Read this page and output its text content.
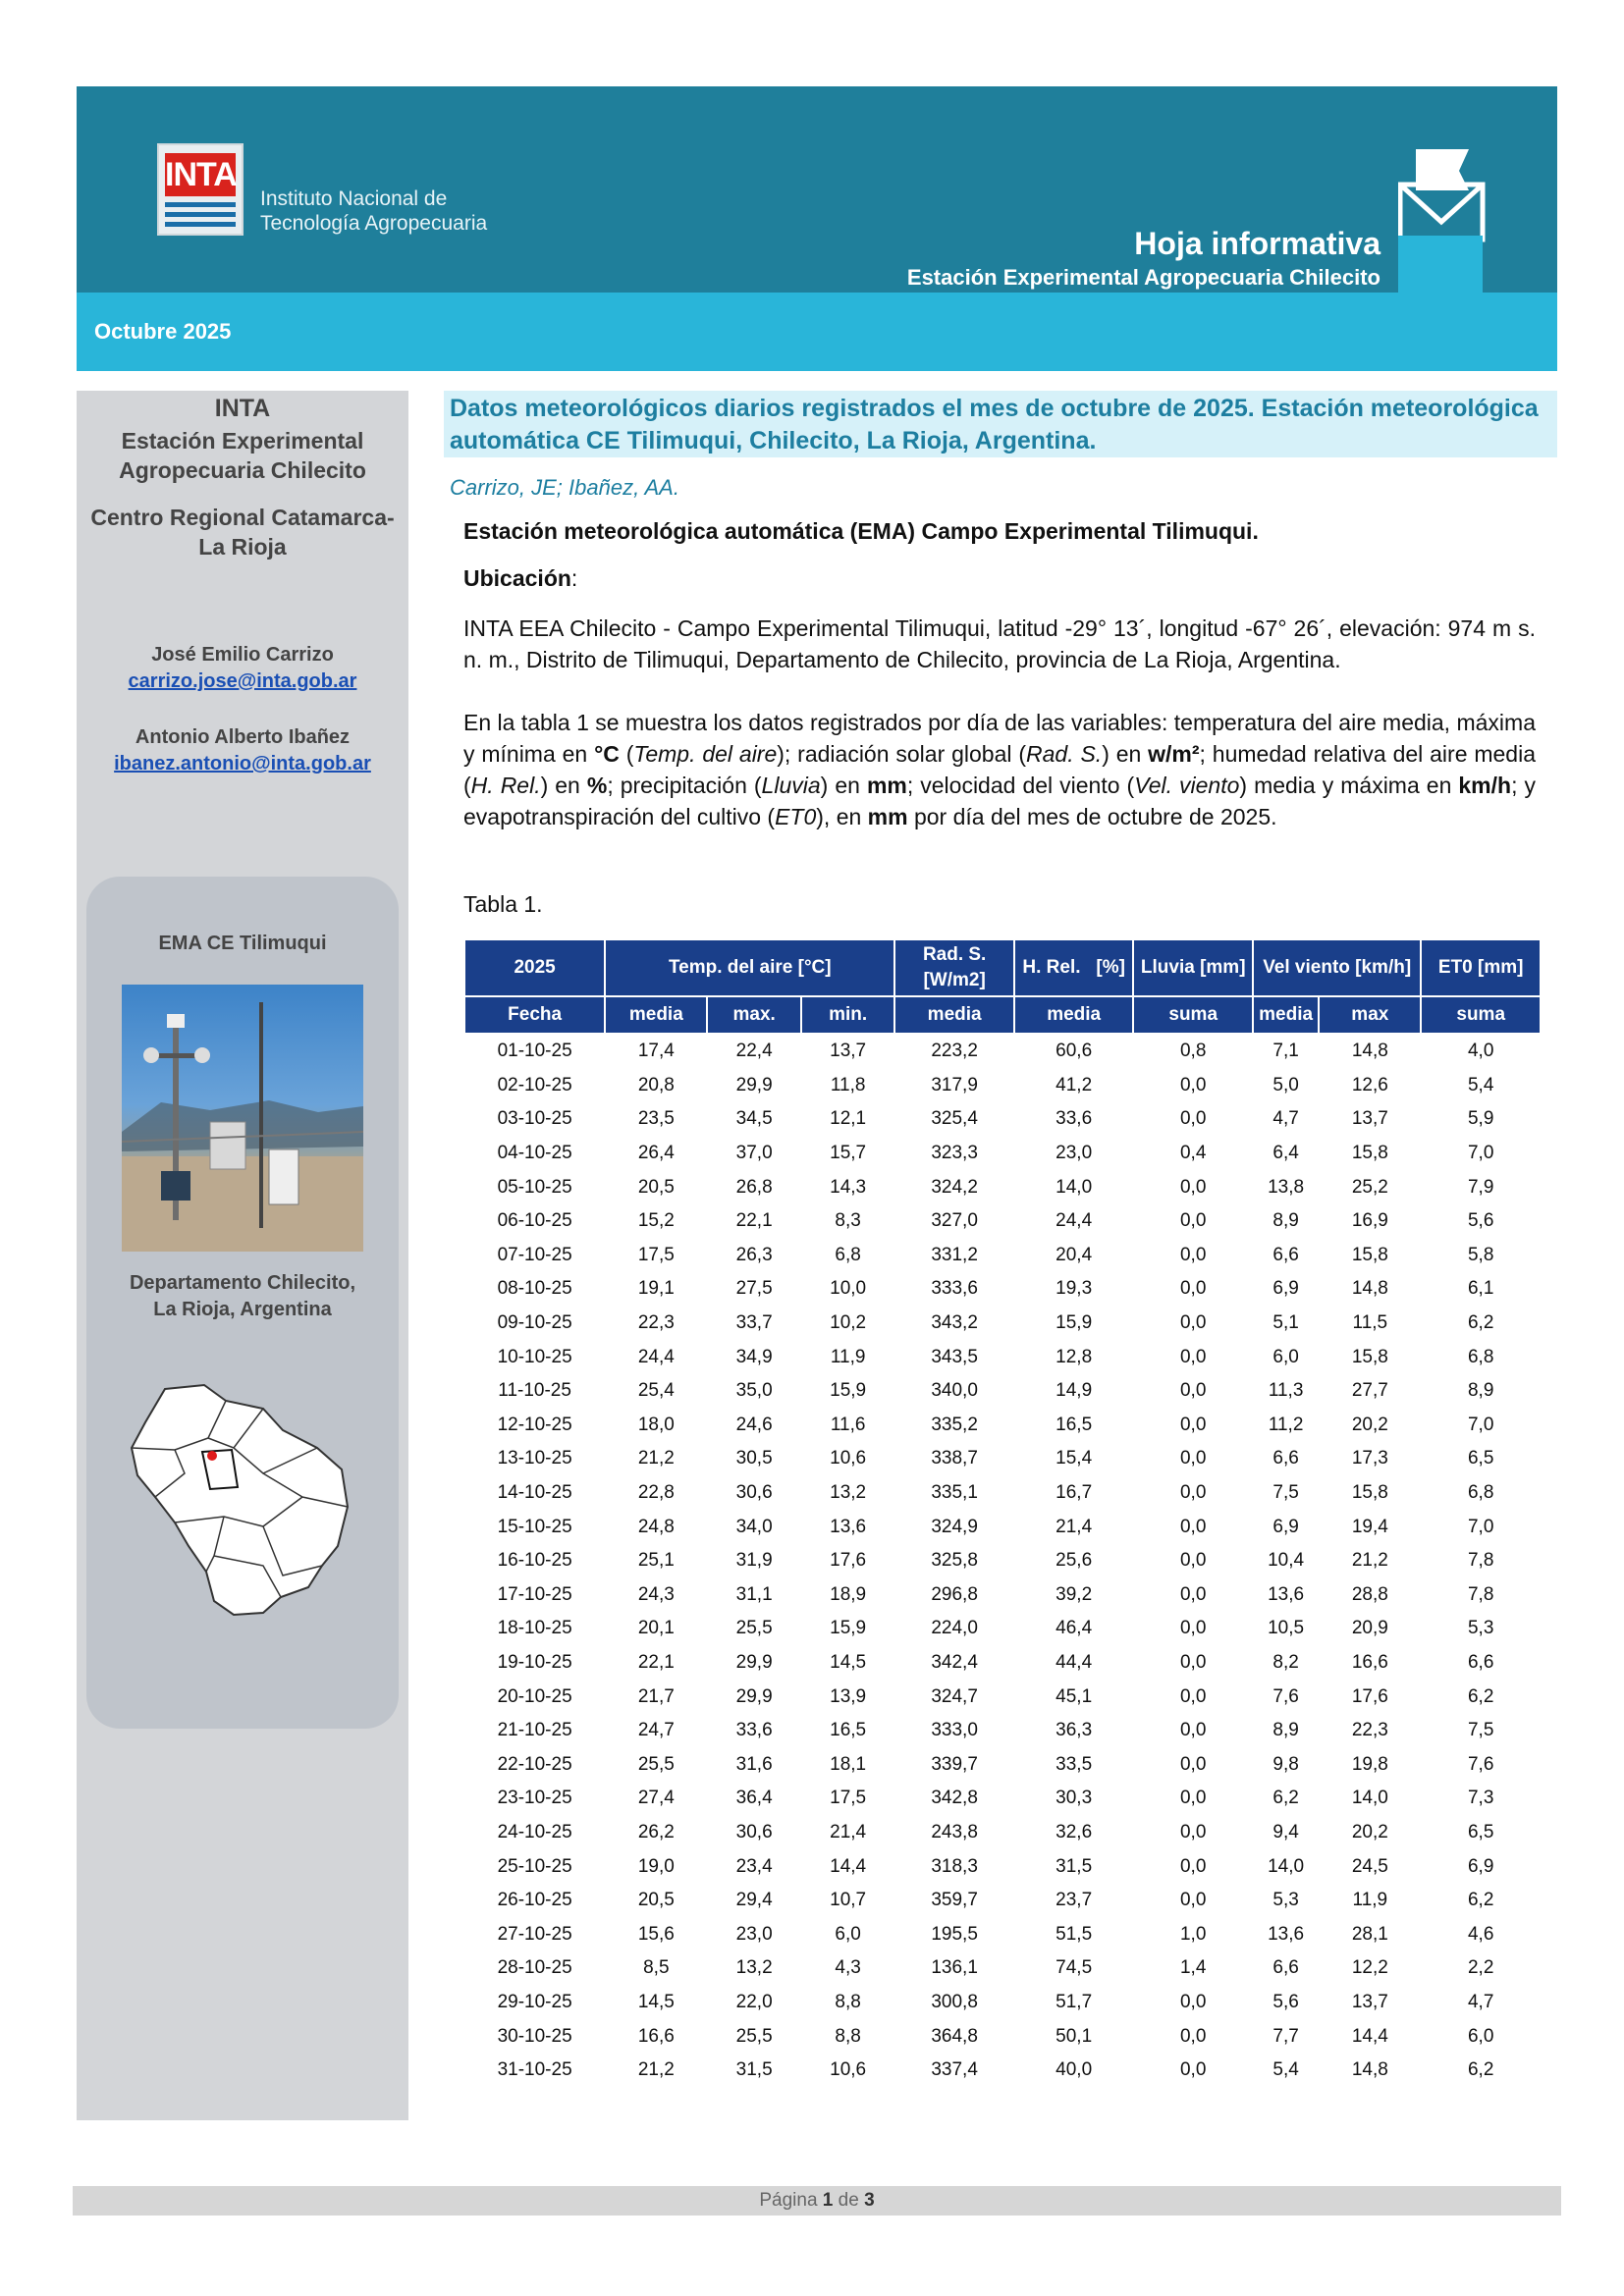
INTA
Instituto Nacional de
Tecnología Agropecuaria
Hoja informativa
Estación Experimental Agropecuaria Chilecito
Octubre 2025
INTA
Estación Experimental
Agropecuaria Chilecito
Centro Regional Catamarca-
La Rioja
José Emilio Carrizo
carrizo.jose@inta.gob.ar
Antonio Alberto Ibañez
ibanez.antonio@inta.gob.ar
EMA CE Tilimuqui
Departamento Chilecito,
La Rioja, Argentina
Datos meteorológicos diarios registrados el mes de octubre de 2025. Estación meteorológica automática CE Tilimuqui, Chilecito, La Rioja, Argentina.
Carrizo, JE; Ibañez, AA.
Estación meteorológica automática (EMA) Campo Experimental Tilimuqui.
Ubicación:
INTA EEA Chilecito - Campo Experimental Tilimuqui, latitud -29° 13´, longitud -67° 26´, elevación: 974 m s. n. m., Distrito de Tilimuqui, Departamento de Chilecito, provincia de La Rioja, Argentina.
En la tabla 1 se muestra los datos registrados por día de las variables: temperatura del aire media, máxima y mínima en °C (Temp. del aire); radiación solar global (Rad. S.) en w/m²; humedad relativa del aire media (H. Rel.) en %; precipitación (Lluvia) en mm; velocidad del viento (Vel. viento) media y máxima en km/h; y evapotranspiración del cultivo (ET0), en mm por día del mes de octubre de 2025.
Tabla 1.
2025	Temp. del aire [°C]			Rad. S. [W/m2]	H. Rel.   [%]	Lluvia [mm]	Vel viento [km/h]		ET0 [mm]
Fecha	media	max.	min.	media	media	suma	media	max	suma
01-10-25	17,4	22,4	13,7	223,2	60,6	0,8	7,1	14,8	4,0
02-10-25	20,8	29,9	11,8	317,9	41,2	0,0	5,0	12,6	5,4
03-10-25	23,5	34,5	12,1	325,4	33,6	0,0	4,7	13,7	5,9
04-10-25	26,4	37,0	15,7	323,3	23,0	0,4	6,4	15,8	7,0
05-10-25	20,5	26,8	14,3	324,2	14,0	0,0	13,8	25,2	7,9
06-10-25	15,2	22,1	8,3	327,0	24,4	0,0	8,9	16,9	5,6
07-10-25	17,5	26,3	6,8	331,2	20,4	0,0	6,6	15,8	5,8
08-10-25	19,1	27,5	10,0	333,6	19,3	0,0	6,9	14,8	6,1
09-10-25	22,3	33,7	10,2	343,2	15,9	0,0	5,1	11,5	6,2
10-10-25	24,4	34,9	11,9	343,5	12,8	0,0	6,0	15,8	6,8
11-10-25	25,4	35,0	15,9	340,0	14,9	0,0	11,3	27,7	8,9
12-10-25	18,0	24,6	11,6	335,2	16,5	0,0	11,2	20,2	7,0
13-10-25	21,2	30,5	10,6	338,7	15,4	0,0	6,6	17,3	6,5
14-10-25	22,8	30,6	13,2	335,1	16,7	0,0	7,5	15,8	6,8
15-10-25	24,8	34,0	13,6	324,9	21,4	0,0	6,9	19,4	7,0
16-10-25	25,1	31,9	17,6	325,8	25,6	0,0	10,4	21,2	7,8
17-10-25	24,3	31,1	18,9	296,8	39,2	0,0	13,6	28,8	7,8
18-10-25	20,1	25,5	15,9	224,0	46,4	0,0	10,5	20,9	5,3
19-10-25	22,1	29,9	14,5	342,4	44,4	0,0	8,2	16,6	6,6
20-10-25	21,7	29,9	13,9	324,7	45,1	0,0	7,6	17,6	6,2
21-10-25	24,7	33,6	16,5	333,0	36,3	0,0	8,9	22,3	7,5
22-10-25	25,5	31,6	18,1	339,7	33,5	0,0	9,8	19,8	7,6
23-10-25	27,4	36,4	17,5	342,8	30,3	0,0	6,2	14,0	7,3
24-10-25	26,2	30,6	21,4	243,8	32,6	0,0	9,4	20,2	6,5
25-10-25	19,0	23,4	14,4	318,3	31,5	0,0	14,0	24,5	6,9
26-10-25	20,5	29,4	10,7	359,7	23,7	0,0	5,3	11,9	6,2
27-10-25	15,6	23,0	6,0	195,5	51,5	1,0	13,6	28,1	4,6
28-10-25	8,5	13,2	4,3	136,1	74,5	1,4	6,6	12,2	2,2
29-10-25	14,5	22,0	8,8	300,8	51,7	0,0	5,6	13,7	4,7
30-10-25	16,6	25,5	8,8	364,8	50,1	0,0	7,7	14,4	6,0
31-10-25	21,2	31,5	10,6	337,4	40,0	0,0	5,4	14,8	6,2
Página 1 de 3
